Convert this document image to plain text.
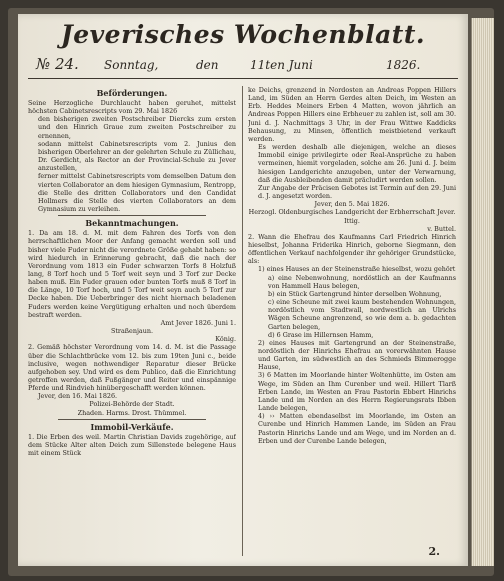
Jeverisches Wochenblatt.
№ 24. Sonntag,	den	11ten Juni	1826.

Beförderungen.

Seine Herzogliche Durchlaucht haben geruhet, mittelst höchsten Cabinetsrescripts vom 29. Mai 1826

den bisherigen zweiten Postschreiber Diercks zum ersten und den Hinrich Graue zum zweiten Postschreiber zu ernennen,

sodann mittelst Cabinetsrescripts vom 2. Junius den bisherigen Oberlehrer an der gelehrten Schule zu Züllichau, Dr. Gerdicht, als Rector an der Provincial-Schule zu Jever anzustellen,

ferner mittelst Cabinetsrescripts vom demselben Datum den vierten Collaborator an dem hiesigen Gymnasium, Rentropp, die Stelle des dritten Collaborators und den Candidat Hollmers die Stelle des vierten Collaborators an dem Gymnasium zu verleihen.

Bekanntmachungen.

1. Da am 18. d. M. mit dem Fahren des Torfs von den herrschaftlichen Moor der Anfang gemacht werden soll und bisher viele Fuder nicht die verordnete Größe gehabt haben: so wird hiedurch in Erinnerung gebracht, daß die nach der Verordnung vom 1813 ein Fuder schwarzen Torfs 8 Holzfuß lang, 8 Torf hoch und 5 Torf weit seyn und 3 Torf zur Decke haben muß. Ein Fuder grauen oder bunten Torfs muß 8 Torf in die Länge, 10 Torf hoch, und 5 Torf weit seyn auch 5 Torf zur Decke haben. Die Ueberbringer des nicht hiernach beladenen Fuders werden keine Vergütigung erhalten und noch überdem bestraft werden.

Amt Jever 1826. Juni 1.

Straßenjaun.

König.

2. Gemäß höchster Verordnung vom 14. d. M. ist die Passage über die Schlachtbrücke vom 12. bis zum 19ten Juni c., beide inclusive, wegen nothwendiger Reparatur dieser Brücke aufgehoben sey. Und wird es dem Publico, daß die Einrichtung getroffen werden, daß Fußgänger und Reiter und einspännige Pferde und Rindvieh hinübergeschafft werden können.

Jever, den 16. Mai 1826.

Polizei-Behörde der Stadt.

Zhaden. Harms. Drost. Thümmel.

Immobil-Verkäufe.

1. Die Erben des weil. Martin Christian Davids zugehörige, auf dem Stücke Alter alten Deich zum Sillenstede belegene Haus mit einem Stück

ke Deichs, grenzend in Nordosten an Andreas Poppen Hillers Land, im Süden an Herrn Gerdes alten Deich, im Westen an Erb. Heddes Meiners Erben 4 Matten, wovon jährlich an Andreas Poppen Hillers eine Erbheuer zu zahlen ist, soll am 30. Juni d. J. Nachmittags 3 Uhr, in der Frau Wittwe Kaddicks Behausung, zu Minsen, öffentlich meistbietend verkauft werden.

Es werden deshalb alle diejenigen, welche an dieses Immobil einige privilegirte oder Real-Ansprüche zu haben vermeinen, hiemit vorgeladen, solche am 26. Juni d. J. beim hiesigen Landgerichte anzugeben, unter der Verwarnung, daß die Ausbleibenden damit präcludirt werden sollen.

Zur Angabe der Präcisen Gebotes ist Termin auf den 29. Juni d. J. angesetzt worden.

Jever, den 5. Mai 1826.

Herzogl. Oldenburgisches Landgericht der Erbherrschaft Jever.

Ittig.

v. Buttel.

2. Wann die Ehefrau des Kaufmanns Carl Friedrich Hinrich hieselbst, Johanna Friderika Hinrich, geborne Siegmann, den öffentlichen Verkauf nachfolgender ihr gehöriger Grundstücke, als:

1) eines Hauses an der Steinenstraße hieselbst, wozu gehört

a) eine Nebenwohnung, nordöstlich an der Kaufmanns von Hammell Haus belegen,

b) ein Stück Gartengrund hinter derselben Wohnung,

c) eine Scheune mit zwei kaum bestehenden Wohnungen, nordöstlich vom Stadtwall, nordwestlich an Ulrichs Wägen Scheune angrenzend, so wie dem a. b. gedachten Garten belegen,

d) 6 Grase im Hillernsen Hamm,

2) eines Hauses mit Gartengrund an der Steinenstraße, nordöstlich der Hinrichs Ehefrau an vorerwähnten Hause und Garten, im südwestlich an des Schmieds Bimmerogge Hause,

3) 6 Matten im Moorlande hinter Woltenhütte, im Osten am Wege, im Süden an Ihm Curenber und weil. Hillert Tlarß Erben Lande, im Westen an Frau Pastorin Ebbert Hinrichs Lande und im Norden an des Herrn Regierungsrats Ibben Lande belegen,

4) ›› Matten ebendaselbst im Moorlande, im Osten an Curenbe und Hinrich Hammen Lande, im Süden an Frau Pastorin Hinrichs Lande und am Wege, und im Norden an d. Erben und der Curenbe Lande belegen,

2.
